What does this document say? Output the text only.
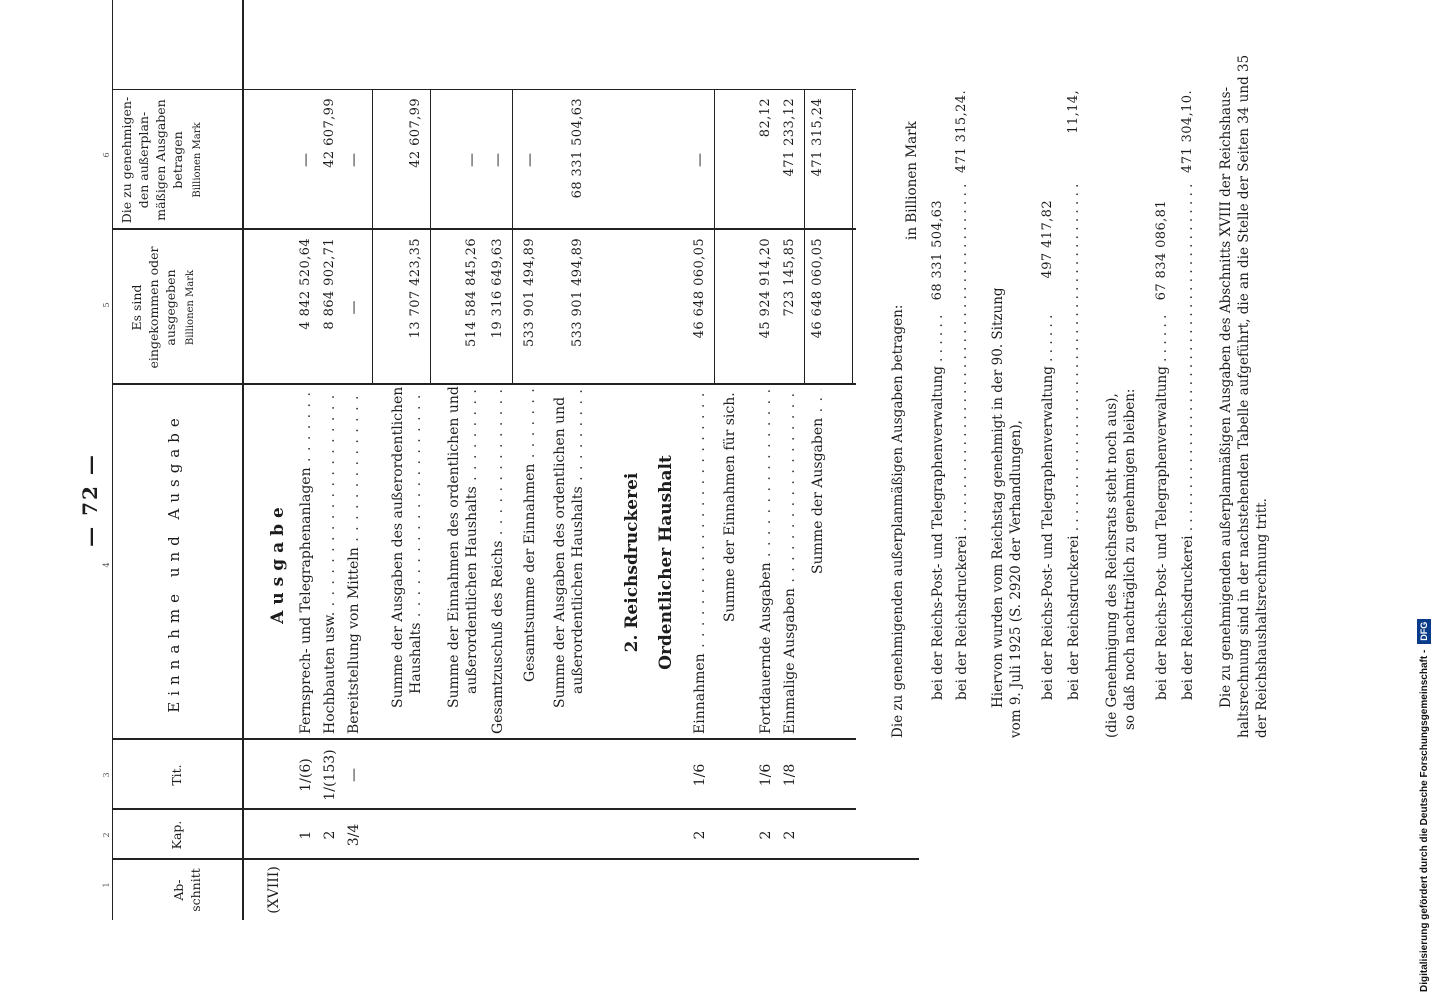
— 72 —
1
2
3
4
5
6
Ab-
schnitt
Kap.
Tit.
Einnahme und Ausgabe
Es sind
eingekommen oder
ausgegeben Billionen Mark
Die zu genehmigen-
den außerplan-
mäßigen Ausgaben
betragen Billionen Mark
(XVIII)
Ausgabe
1
1/(6)
Fernsprech- und Telegraphenanlagen . . .
4 842 520,64
—
2
1/(153)
Hochbauten usw. . . .
8 864 902,71
42 607,99
3/4
—
Bereitstellung von Mitteln . . .
—
—
Summe der Ausgaben des außerordentlichen Haushalts . . .
13 707 423,35
42 607,99
Summe der Einnahmen des ordentlichen und außerordentlichen Haushalts . . .
514 584 845,26
—
Gesamtzuschuß des Reichs . . .
19 316 649,63
—
Gesamtsumme der Einnahmen . . .
533 901 494,89
—
Summe der Ausgaben des ordentlichen und außerordentlichen Haushalts . . .
533 901 494,89
68 331 504,63
2. Reichsdruckerei Ordentlicher Haushalt
2
1/6
Einnahmen . . .
46 648 060,05
—
Summe der Einnahmen für sich.
2
1/6
Fortdauernde Ausgaben . . .
45 924 914,20
82,12
2
1/8
Einmalige Ausgaben . . .
723 145,85
471 233,12
Summe der Ausgaben . . .
46 648 060,05
471 315,24
Die zu genehmigenden außerplanmäßigen Ausgaben betragen:
in Billionen Mark
bei der Reichs-Post- und Telegraphenverwaltung . . .
68 331 504,63
bei der Reichsdruckerei . . .
471 315,24.
Hiervon wurden vom Reichstag genehmigt in der 90. Sitzung vom 9. Juli 1925 (S. 2920 der Verhandlungen), bei der Reichs-Post- und Telegraphenverwaltung . . .
497 417,82
bei der Reichsdruckerei . . .
11,14,
(die Genehmigung des Reichsrats steht noch aus), so daß noch nachträglich zu genehmigen bleiben: bei der Reichs-Post- und Telegraphenverwaltung . . .
67 834 086,81
bei der Reichsdruckerei . . .
471 304,10. Die zu genehmigenden außerplanmäßigen Ausgaben des Abschnitts XVIII der Reichshaus- haltsrechnung sind in der nachstehenden Tabelle aufgeführt, die an die Stelle der Seiten 34 und 35 der Reichshaushaltsrechnung tritt.
Digitalisierung gefördert durch die Deutsche Forschungsgemeinschaft -
DFG
